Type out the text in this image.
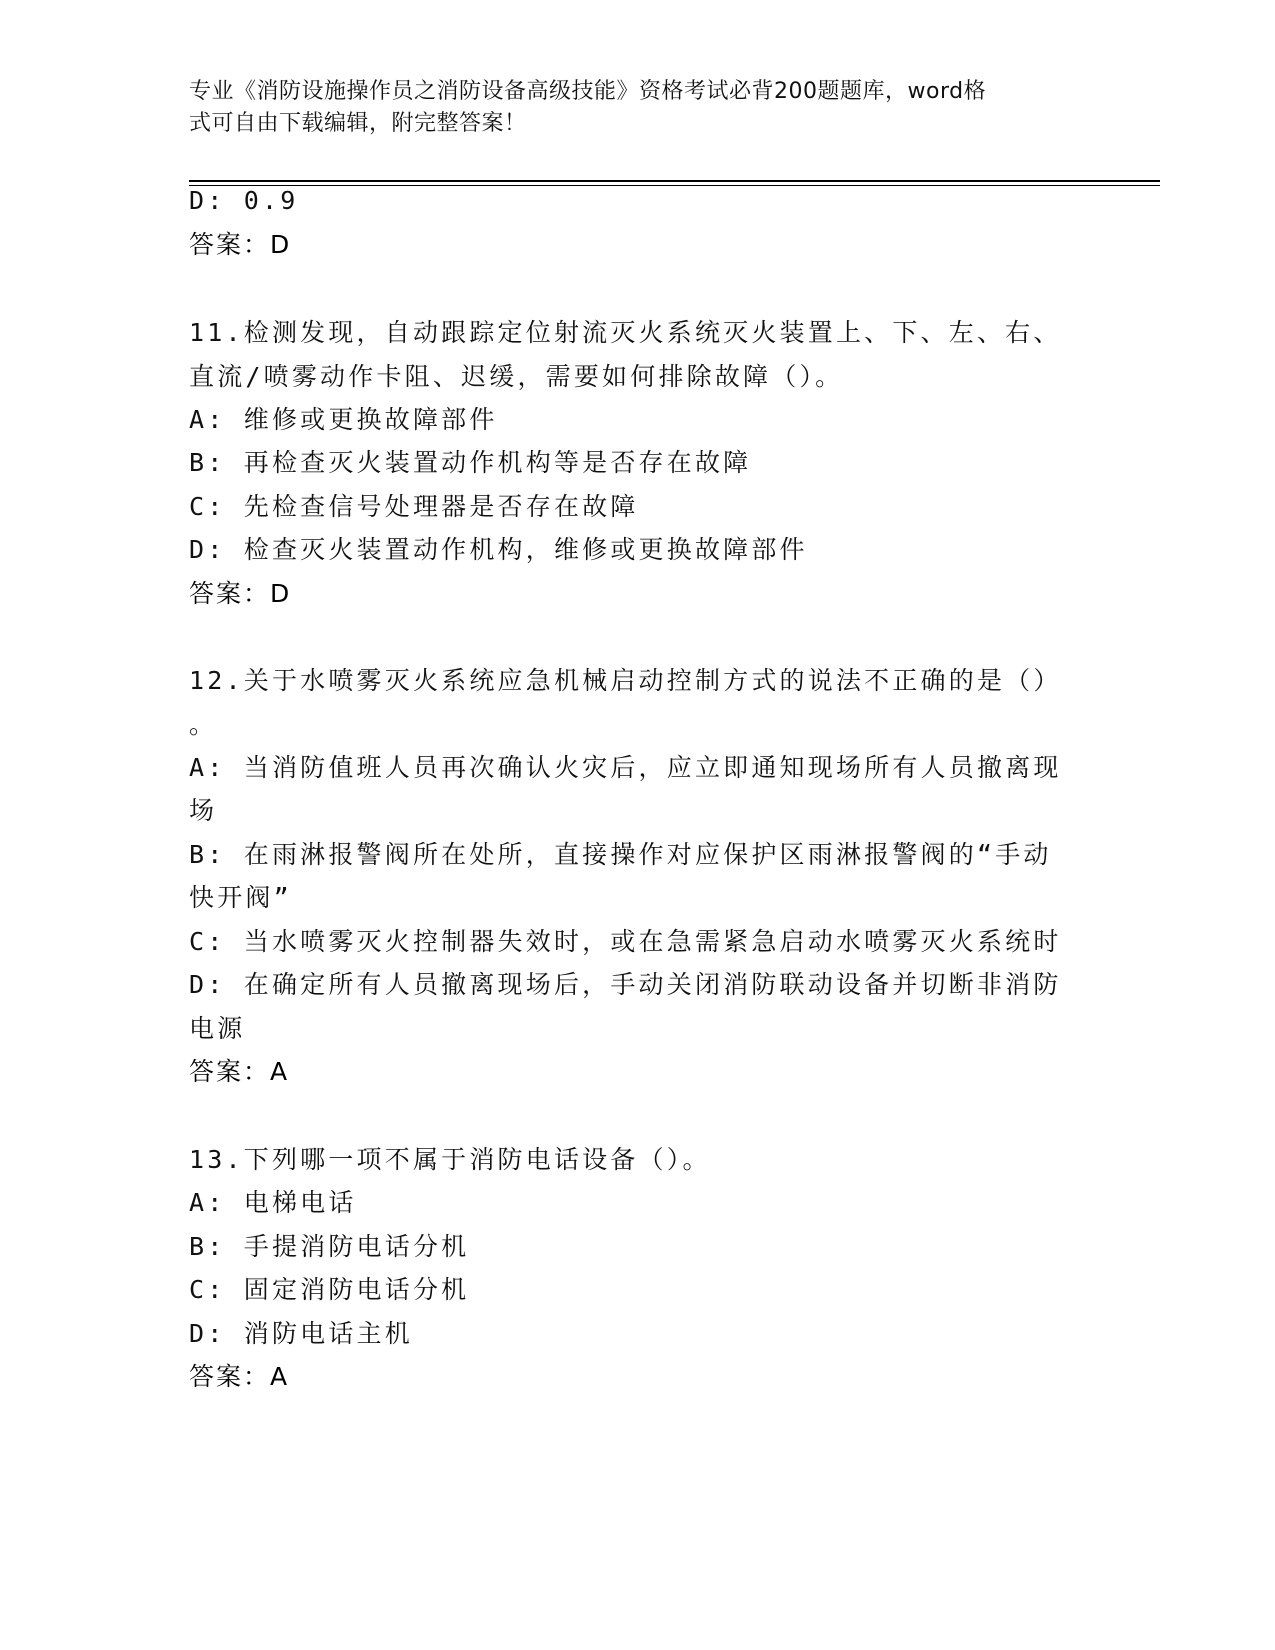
专业《消防设施操作员之消防设备高级技能》资格考试必背200题题库，word格
式可自由下载编辑，附完整答案！
D: 0.9
答案：D
11.检测发现，自动跟踪定位射流灭火系统灭火装置上、下、左、右、
直流/喷雾动作卡阻、迟缓，需要如何排除故障（）。
A: 维修或更换故障部件
B: 再检查灭火装置动作机构等是否存在故障
C: 先检查信号处理器是否存在故障
D: 检查灭火装置动作机构，维修或更换故障部件
答案：D
12.关于水喷雾灭火系统应急机械启动控制方式的说法不正确的是（）
。
A: 当消防值班人员再次确认火灾后，应立即通知现场所有人员撤离现
场
B: 在雨淋报警阀所在处所，直接操作对应保护区雨淋报警阀的“手动
快开阀”
C: 当水喷雾灭火控制器失效时，或在急需紧急启动水喷雾灭火系统时
D: 在确定所有人员撤离现场后，手动关闭消防联动设备并切断非消防
电源
答案：A
13.下列哪一项不属于消防电话设备（）。
A: 电梯电话
B: 手提消防电话分机
C: 固定消防电话分机
D: 消防电话主机
答案：A
